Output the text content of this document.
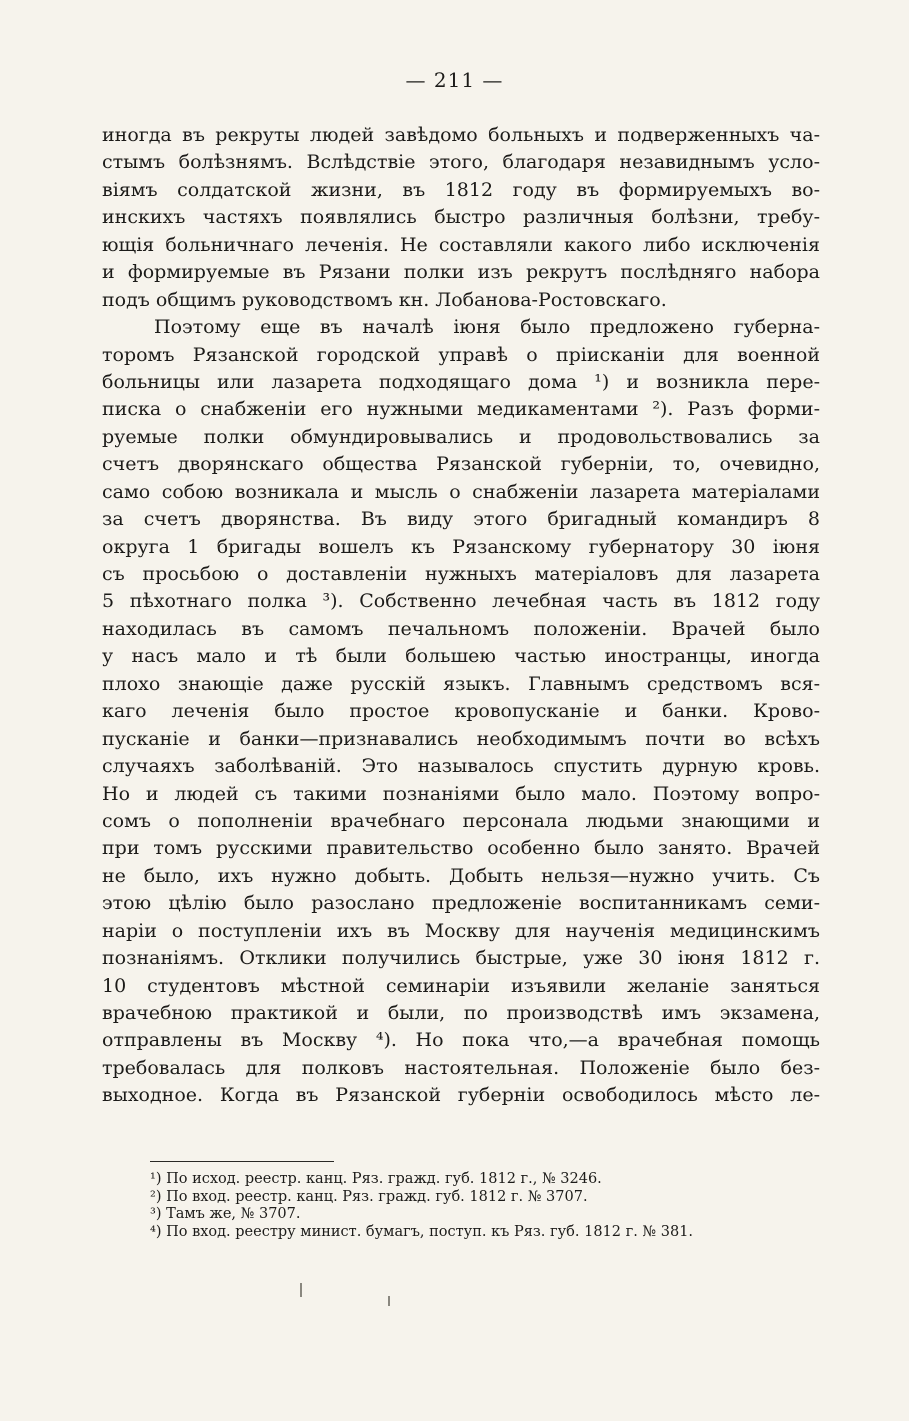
— 211 —
иногда въ рекруты людей завѣдомо больныхъ и подверженныхъ ча-
стымъ болѣзнямъ. Вслѣдствіе этого, благодаря незавиднымъ усло-
віямъ солдатской жизни, въ 1812 году въ формируемыхъ во-
инскихъ частяхъ появлялись быстро различныя болѣзни, требу-
ющія больничнаго леченія. Не составляли какого либо исключенія
и формируемые въ Рязани полки изъ рекрутъ послѣдняго набора
подъ общимъ руководствомъ кн. Лобанова-Ростовскаго.
Поэтому еще въ началѣ іюня было предложено губерна-
торомъ Рязанской городской управѣ о пріисканіи для военной
больницы или лазарета подходящаго дома ¹) и возникла пере-
писка о снабженіи его нужными медикаментами ²). Разъ форми-
руемые полки обмундировывались и продовольствовались за
счетъ дворянскаго общества Рязанской губерніи, то, очевидно,
само собою возникала и мысль о снабженіи лазарета матеріалами
за счетъ дворянства. Въ виду этого бригадный командиръ 8
округа 1 бригады вошелъ къ Рязанскому губернатору 30 іюня
съ просьбою о доставленіи нужныхъ матеріаловъ для лазарета
5 пѣхотнаго полка ³). Собственно лечебная часть въ 1812 году
находилась въ самомъ печальномъ положеніи. Врачей было
у насъ мало и тѣ были большею частью иностранцы, иногда
плохо знающіе даже русскій языкъ. Главнымъ средствомъ вся-
каго леченія было простое кровопусканіе и банки. Крово-
пусканіе и банки—признавались необходимымъ почти во всѣхъ
случаяхъ заболѣваній. Это называлось спустить дурную кровь.
Но и людей съ такими познаніями было мало. Поэтому вопро-
сомъ о пополненіи врачебнаго персонала людьми знающими и
при томъ русскими правительство особенно было занято. Врачей
не было, ихъ нужно добыть. Добыть нельзя—нужно учить. Съ
этою цѣлію было разослано предложеніе воспитанникамъ семи-
наріи о поступленіи ихъ въ Москву для наученія медицинскимъ
познаніямъ. Отклики получились быстрые, уже 30 іюня 1812 г.
10 студентовъ мѣстной семинаріи изъявили желаніе заняться
врачебною практикой и были, по производствѣ имъ экзамена,
отправлены въ Москву ⁴). Но пока что,—а врачебная помощь
требовалась для полковъ настоятельная. Положеніе было без-
выходное. Когда въ Рязанской губерніи освободилось мѣсто ле-
¹) По исход. реестр. канц. Ряз. гражд. губ. 1812 г., № 3246.
²) По вход. реестр. канц. Ряз. гражд. губ. 1812 г. № 3707.
³) Тамъ же, № 3707.
⁴) По вход. реестру минист. бумагъ, поступ. къ Ряз. губ. 1812 г. № 381.
